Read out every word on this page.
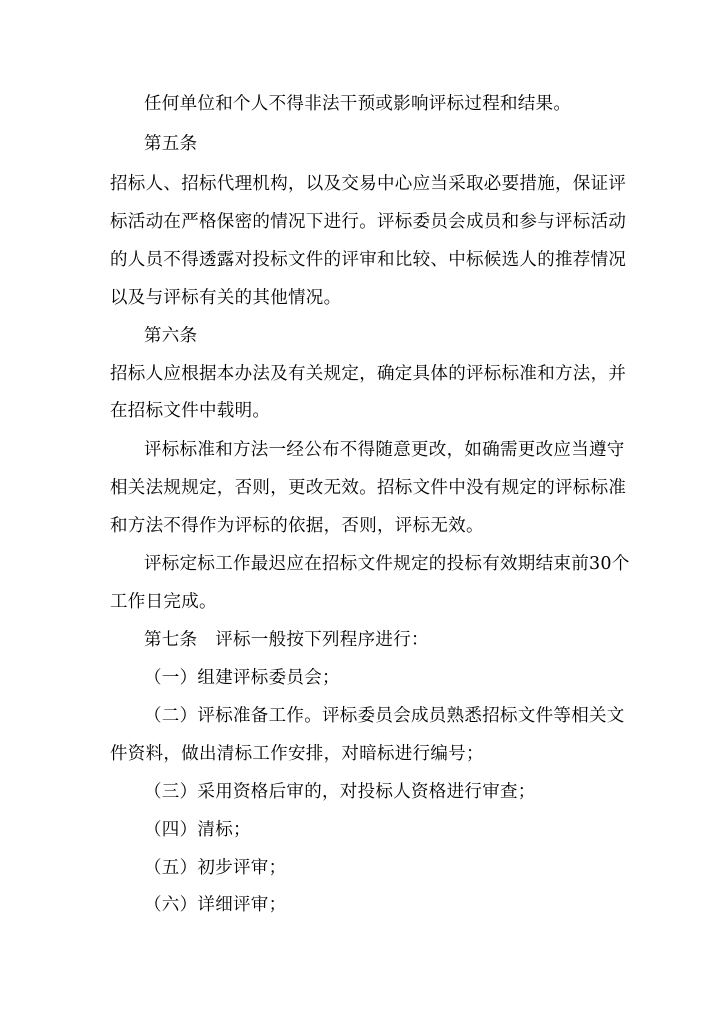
任何单位和个人不得非法干预或影响评标过程和结果。
第五条
招标人、招标代理机构，以及交易中心应当采取必要措施，保证评
标活动在严格保密的情况下进行。评标委员会成员和参与评标活动
的人员不得透露对投标文件的评审和比较、中标候选人的推荐情况
以及与评标有关的其他情况。
第六条
招标人应根据本办法及有关规定，确定具体的评标标准和方法，并
在招标文件中载明。
评标标准和方法一经公布不得随意更改，如确需更改应当遵守
相关法规规定，否则，更改无效。招标文件中没有规定的评标标准
和方法不得作为评标的依据，否则，评标无效。
评标定标工作最迟应在招标文件规定的投标有效期结束前30个
工作日完成。
第七条　评标一般按下列程序进行：
（一）组建评标委员会；
（二）评标准备工作。评标委员会成员熟悉招标文件等相关文
件资料，做出清标工作安排，对暗标进行编号；
（三）采用资格后审的，对投标人资格进行审查；
（四）清标；
（五）初步评审；
（六）详细评审；
